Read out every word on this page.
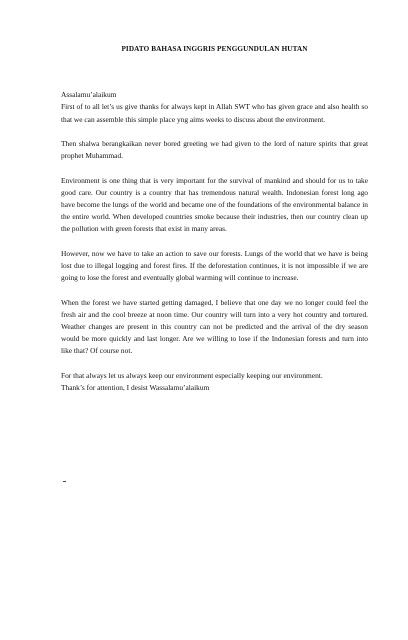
PIDATO BAHASA INGGRIS PENGGUNDULAN HUTAN

Assalamu’alaikum

First of to all let’s us give thanks for always kept in Allah SWT who has given grace and also health so that we can assemble this simple place yng aims weeks to discuss about the environment.

Then shalwa berangkaikan never bored greeting we had given to the lord of nature spirits that great prophet Muhammad.

Environment is one thing that is very important for the survival of mankind and should for us to take good care. Our country is a country that has tremendous natural wealth. Indonesian forest long ago have become the lungs of the world and became one of the foundations of the environmental balance in the entire world. When developed countries smoke because their industries, then our country clean up the pollution with green forests that exist in many areas.

However, now we have to take an action to save our forests. Lungs of the world that we have is being lost due to illegal logging and forest fires. If the deforestation continues, it is not impossible if we are going to lose the forest and eventually global warming will continue to increase.

When the forest we have started getting damaged, I believe that one day we no longer could feel the fresh air and the cool breeze at noon time. Our country will turn into a very hot country and tortured. Weather changes are present in this country can not be predicted and the arrival of the dry season would be more quickly and last longer. Are we willing to lose if the Indonesian forests and turn into like that? Of course not.

For that always let us always keep our environment especially keeping our environment.

Thank’s for attention, I desist Wassalamu’alaikum
